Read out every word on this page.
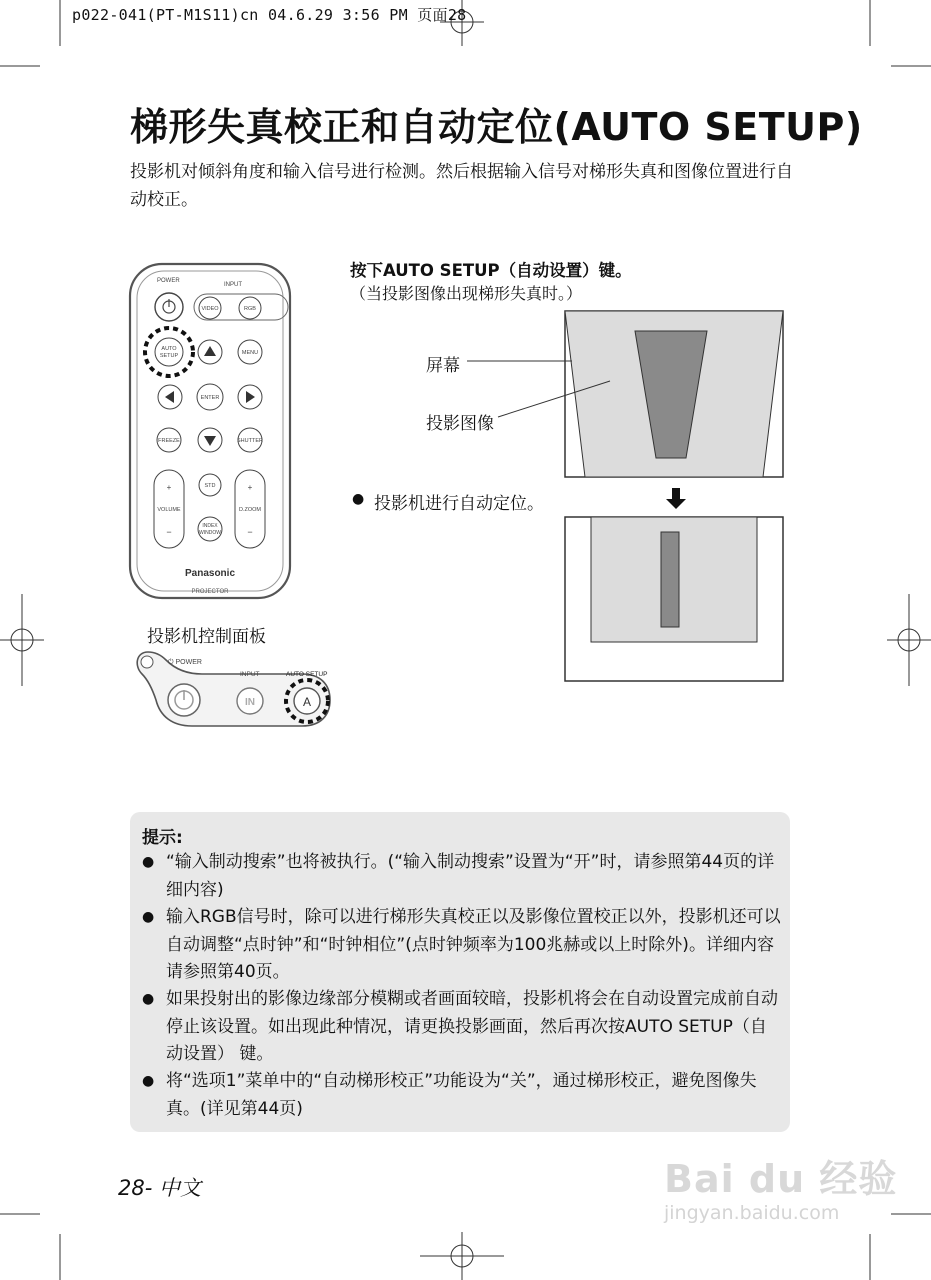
p022-041(PT-M1S11)cn 04.6.29 3:56 PM 页面28
梯形失真校正和自动定位(AUTO SETUP)
投影机对倾斜角度和输入信号进行检测。然后根据输入信号对梯形失真和图像位置进行自动校正。
POWER
INPUT
VIDEO	RGB
AUTO
SETUP	MENU
ENTER
FREEZE	SHUTTER
+
VOLUME
−
STD
INDEX
WINDOW
+
D.ZOOM
−
Panasonic
PROJECTOR
投影机控制面板
⏻ POWER
INPUT	AUTO SETUP
IN	A
按下AUTO SETUP（自动设置）键。
（当投影图像出现梯形失真时。）
屏幕
投影图像
● 投影机进行自动定位。
提示:
● “输入制动搜索”也将被执行。(“输入制动搜索”设置为“开”时，请参照第44页的详细内容)
● 输入RGB信号时，除可以进行梯形失真校正以及影像位置校正以外，投影机还可以自动调整“点时钟”和“时钟相位”(点时钟频率为100兆赫或以上时除外)。详细内容请参照第40页。
● 如果投射出的影像边缘部分模糊或者画面较暗，投影机将会在自动设置完成前自动停止该设置。如出现此种情况，请更换投影画面，然后再次按AUTO SETUP（自动设置） 键。
● 将“选项1”菜单中的“自动梯形校正”功能设为“关”，通过梯形校正，避免图像失真。(详见第44页)
28- 中文	Bai du 经验
jingyan.baidu.com
